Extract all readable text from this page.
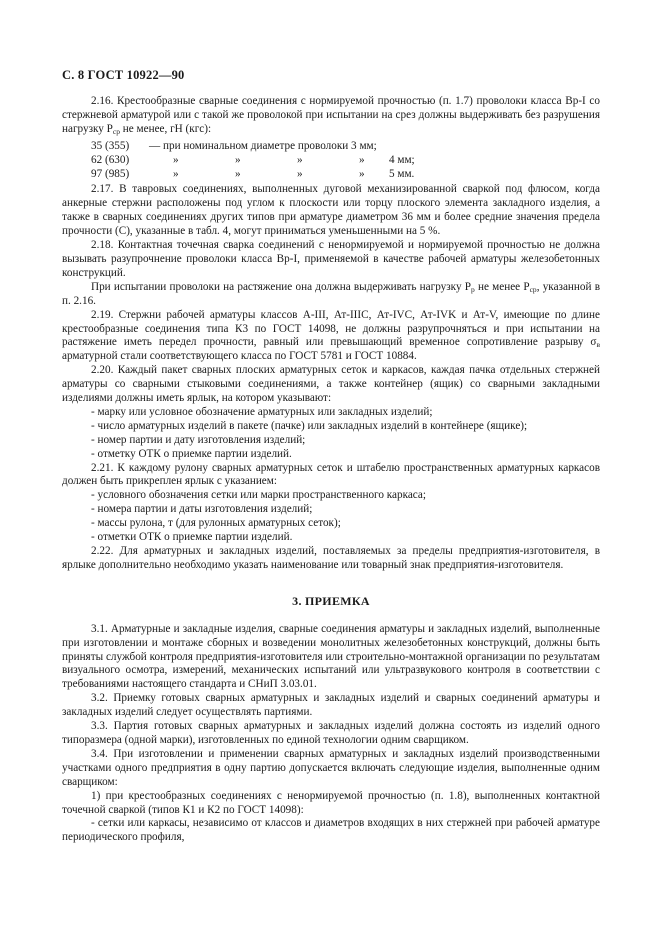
С. 8 ГОСТ 10922—90

2.16. Крестообразные сварные соединения с нормируемой прочностью (п. 1.7) проволоки класса Вр-I со стержневой арматурой или с такой же проволокой при испытании на срез должны выдерживать без разрушения нагрузку $P_{ср}$ не менее, гН (кгс):

35 (355)	— при номинальном диаметре проволоки 3 мм;
62 (630)	»	»	»	»	4 мм;
97 (985)	»	»	»	»	5 мм.

2.17. В тавровых соединениях, выполненных дуговой механизированной сваркой под флюсом, когда анкерные стержни расположены под углом к плоскости или торцу плоского элемента закладного изделия, а также в сварных соединениях других типов при арматуре диаметром 36 мм и более средние значения предела прочности (С), указанные в табл. 4, могут приниматься уменьшенными на 5 %.

2.18. Контактная точечная сварка соединений с ненормируемой и нормируемой прочностью не должна вызывать разупрочнение проволоки класса Вр-I, применяемой в качестве рабочей арматуры железобетонных конструкций.

При испытании проволоки на растяжение она должна выдерживать нагрузку $P_р$ не менее $P_{ср}$, указанной в п. 2.16.

2.19. Стержни рабочей арматуры классов А-III, Ат-IIIC, Ат-IVC, Ат-IVK и Ат-V, имеющие по длине крестообразные соединения типа К3 по ГОСТ 14098, не должны разрупрочняться и при испытании на растяжение иметь передел прочности, равный или превышающий временное сопротивление разрыву $\sigma_в$ арматурной стали соответствующего класса по ГОСТ 5781 и ГОСТ 10884.

2.20. Каждый пакет сварных плоских арматурных сеток и каркасов, каждая пачка отдельных стержней арматуры со сварными стыковыми соединениями, а также контейнер (ящик) со сварными закладными изделиями должны иметь ярлык, на котором указывают:

- марку или условное обозначение арматурных или закладных изделий;

- число арматурных изделий в пакете (пачке) или закладных изделий в контейнере (ящике);

- номер партии и дату изготовления изделий;

- отметку ОТК о приемке партии изделий.

2.21. К каждому рулону сварных арматурных сеток и штабелю пространственных арматурных каркасов должен быть прикреплен ярлык с указанием:

- условного обозначения сетки или марки пространственного каркаса;

- номера партии и даты изготовления изделий;

- массы рулона, т (для рулонных арматурных сеток);

- отметки ОТК о приемке партии изделий.

2.22. Для арматурных и закладных изделий, поставляемых за пределы предприятия-изготовителя, в ярлыке дополнительно необходимо указать наименование или товарный знак предприятия-изготовителя.

3. ПРИЕМКА

3.1. Арматурные и закладные изделия, сварные соединения арматуры и закладных изделий, выполненные при изготовлении и монтаже сборных и возведении монолитных железобетонных конструкций, должны быть приняты службой контроля предприятия-изготовителя или строительно-монтажной организации по результатам визуального осмотра, измерений, механических испытаний или ультразвукового контроля в соответствии с требованиями настоящего стандарта и СНиП 3.03.01.

3.2. Приемку готовых сварных арматурных и закладных изделий и сварных соединений арматуры и закладных изделий следует осуществлять партиями.

3.3. Партия готовых сварных арматурных и закладных изделий должна состоять из изделий одного типоразмера (одной марки), изготовленных по единой технологии одним сварщиком.

3.4. При изготовлении и применении сварных арматурных и закладных изделий производственными участками одного предприятия в одну партию допускается включать следующие изделия, выполненные одним сварщиком:

1) при крестообразных соединениях с ненормируемой прочностью (п. 1.8), выполненных контактной точечной сваркой (типов К1 и К2 по ГОСТ 14098):

- сетки или каркасы, независимо от классов и диаметров входящих в них стержней при рабочей арматуре периодического профиля,
